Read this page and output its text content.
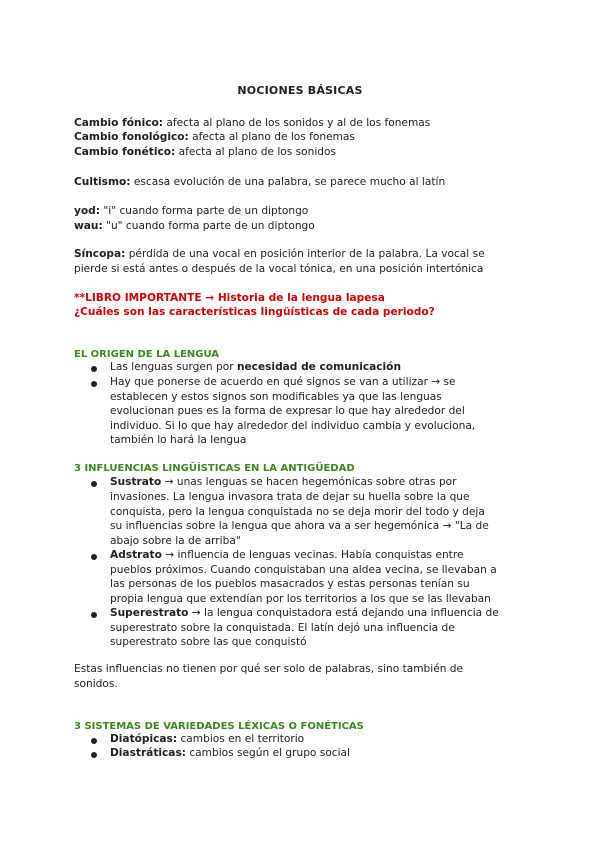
NOCIONES BÁSICAS
Cambio fónico: afecta al plano de los sonidos y al de los fonemas
Cambio fonológico: afecta al plano de los fonemas
Cambio fonético: afecta al plano de los sonidos
Cultismo: escasa evolución de una palabra, se parece mucho al latín
yod: "i" cuando forma parte de un diptongo
wau: "u" cuando forma parte de un diptongo
Síncopa: pérdida de una vocal en posición interior de la palabra. La vocal se
pierde si está antes o después de la vocal tónica, en una posición intertónica
**LIBRO IMPORTANTE → Historia de la lengua lapesa
¿Cuáles son las características lingüísticas de cada periodo?
EL ORIGEN DE LA LENGUA
Las lenguas surgen por necesidad de comunicación
Hay que ponerse de acuerdo en qué signos se van a utilizar → se
establecen y estos signos son modificables ya que las lenguas
evolucionan pues es la forma de expresar lo que hay alrededor del
individuo. Si lo que hay alrededor del individuo cambia y evoluciona,
también lo hará la lengua
3 INFLUENCIAS LINGÜÍSTICAS EN LA ANTIGÜEDAD
Sustrato → unas lenguas se hacen hegemónicas sobre otras por
invasiones. La lengua invasora trata de dejar su huella sobre la que
conquista, pero la lengua conquistada no se deja morir del todo y deja
su influencias sobre la lengua que ahora va a ser hegemónica → "La de
abajo sobre la de arriba"
Adstrato → influencia de lenguas vecinas. Había conquistas entre
pueblos próximos. Cuando conquistaban una aldea vecina, se llevaban a
las personas de los pueblos masacrados y estas personas tenían su
propia lengua que extendían por los territorios a los que se las llevaban
Superestrato → la lengua conquistadora está dejando una influencia de
superestrato sobre la conquistada. El latín dejó una influencia de
superestrato sobre las que conquistó
Estas influencias no tienen por qué ser solo de palabras, sino también de
sonidos.
3 SISTEMAS DE VARIEDADES LÉXICAS O FONÉTICAS
Diatópicas: cambios en el territorio
Diastráticas: cambios según el grupo social
